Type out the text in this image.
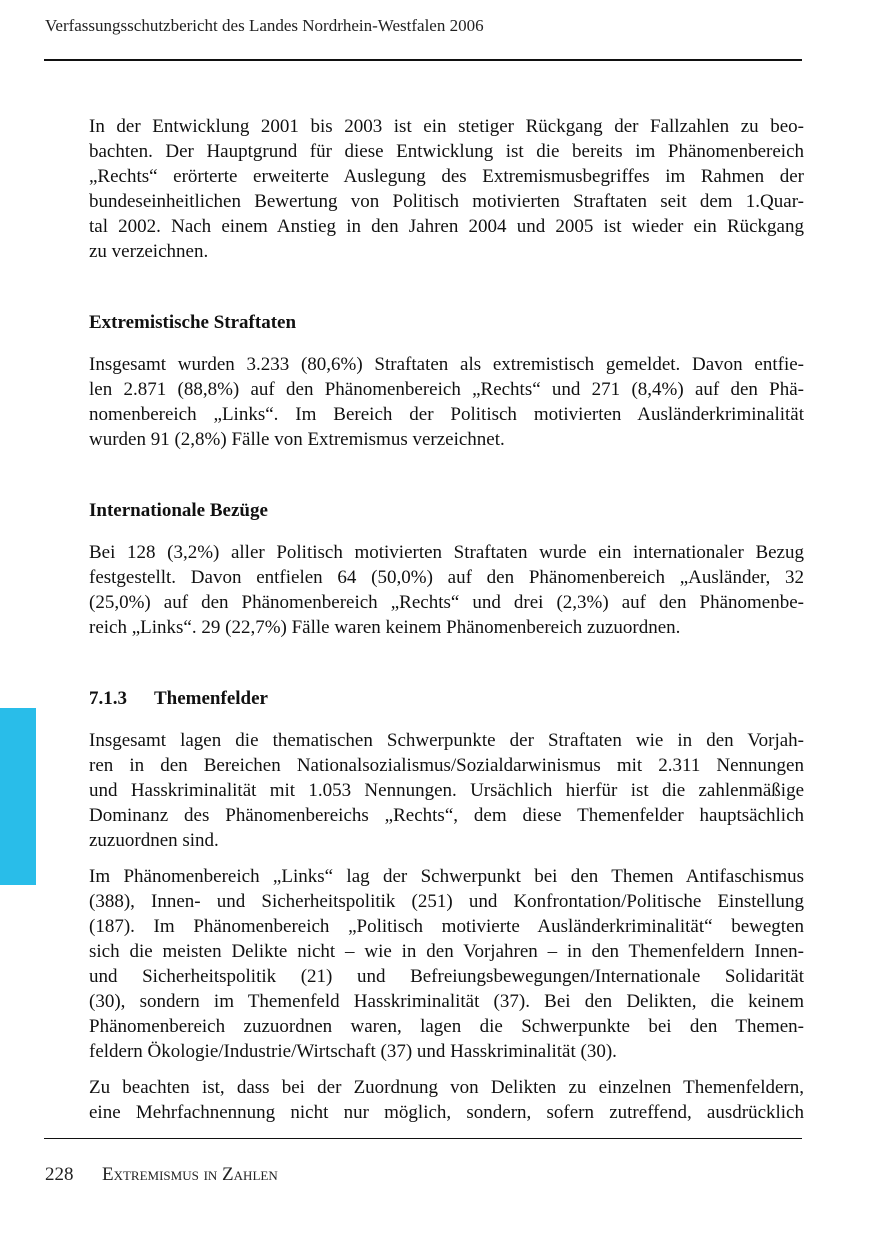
Verfassungsschutzbericht des Landes Nordrhein-Westfalen 2006

In der Entwicklung 2001 bis 2003 ist ein stetiger Rückgang der Fallzahlen zu beo-
bachten. Der Hauptgrund für diese Entwicklung ist die bereits im Phänomenbereich
„Rechts“ erörterte erweiterte Auslegung des Extremismusbegriffes im Rahmen der
bundeseinheitlichen Bewertung von Politisch motivierten Straftaten seit dem 1.Quar-
tal 2002. Nach einem Anstieg in den Jahren 2004 und 2005 ist wieder ein Rückgang
zu verzeichnen.

Extremistische Straftaten

Insgesamt wurden 3.233 (80,6%) Straftaten als extremistisch gemeldet. Davon entfie-
len 2.871 (88,8%) auf den Phänomenbereich „Rechts“ und 271 (8,4%) auf den Phä-
nomenbereich „Links“. Im Bereich der Politisch motivierten Ausländerkriminalität
wurden 91 (2,8%) Fälle von Extremismus verzeichnet.

Internationale Bezüge

Bei 128 (3,2%) aller Politisch motivierten Straftaten wurde ein internationaler Bezug
festgestellt. Davon entfielen 64 (50,0%) auf den Phänomenbereich „Ausländer, 32
(25,0%) auf den Phänomenbereich „Rechts“ und drei (2,3%) auf den Phänomenbe-
reich „Links“. 29 (22,7%) Fälle waren keinem Phänomenbereich zuzuordnen.

7.1.3 Themenfelder

Insgesamt lagen die thematischen Schwerpunkte der Straftaten wie in den Vorjah-
ren in den Bereichen Nationalsozialismus/Sozialdarwinismus mit 2.311 Nennungen
und Hasskriminalität mit 1.053 Nennungen. Ursächlich hierfür ist die zahlenmäßige
Dominanz des Phänomenbereichs „Rechts“, dem diese Themenfelder hauptsächlich
zuzuordnen sind.

Im Phänomenbereich „Links“ lag der Schwerpunkt bei den Themen Antifaschismus
(388), Innen- und Sicherheitspolitik (251) und Konfrontation/Politische Einstellung
(187). Im Phänomenbereich „Politisch motivierte Ausländerkriminalität“ bewegten
sich die meisten Delikte nicht – wie in den Vorjahren – in den Themenfeldern Innen-
und Sicherheitspolitik (21) und Befreiungsbewegungen/Internationale Solidarität
(30), sondern im Themenfeld Hasskriminalität (37). Bei den Delikten, die keinem
Phänomenbereich zuzuordnen waren, lagen die Schwerpunkte bei den Themen-
feldern Ökologie/Industrie/Wirtschaft (37) und Hasskriminalität (30).

Zu beachten ist, dass bei der Zuordnung von Delikten zu einzelnen Themenfeldern,
eine Mehrfachnennung nicht nur möglich, sondern, sofern zutreffend, ausdrücklich

228 Extremismus in Zahlen
